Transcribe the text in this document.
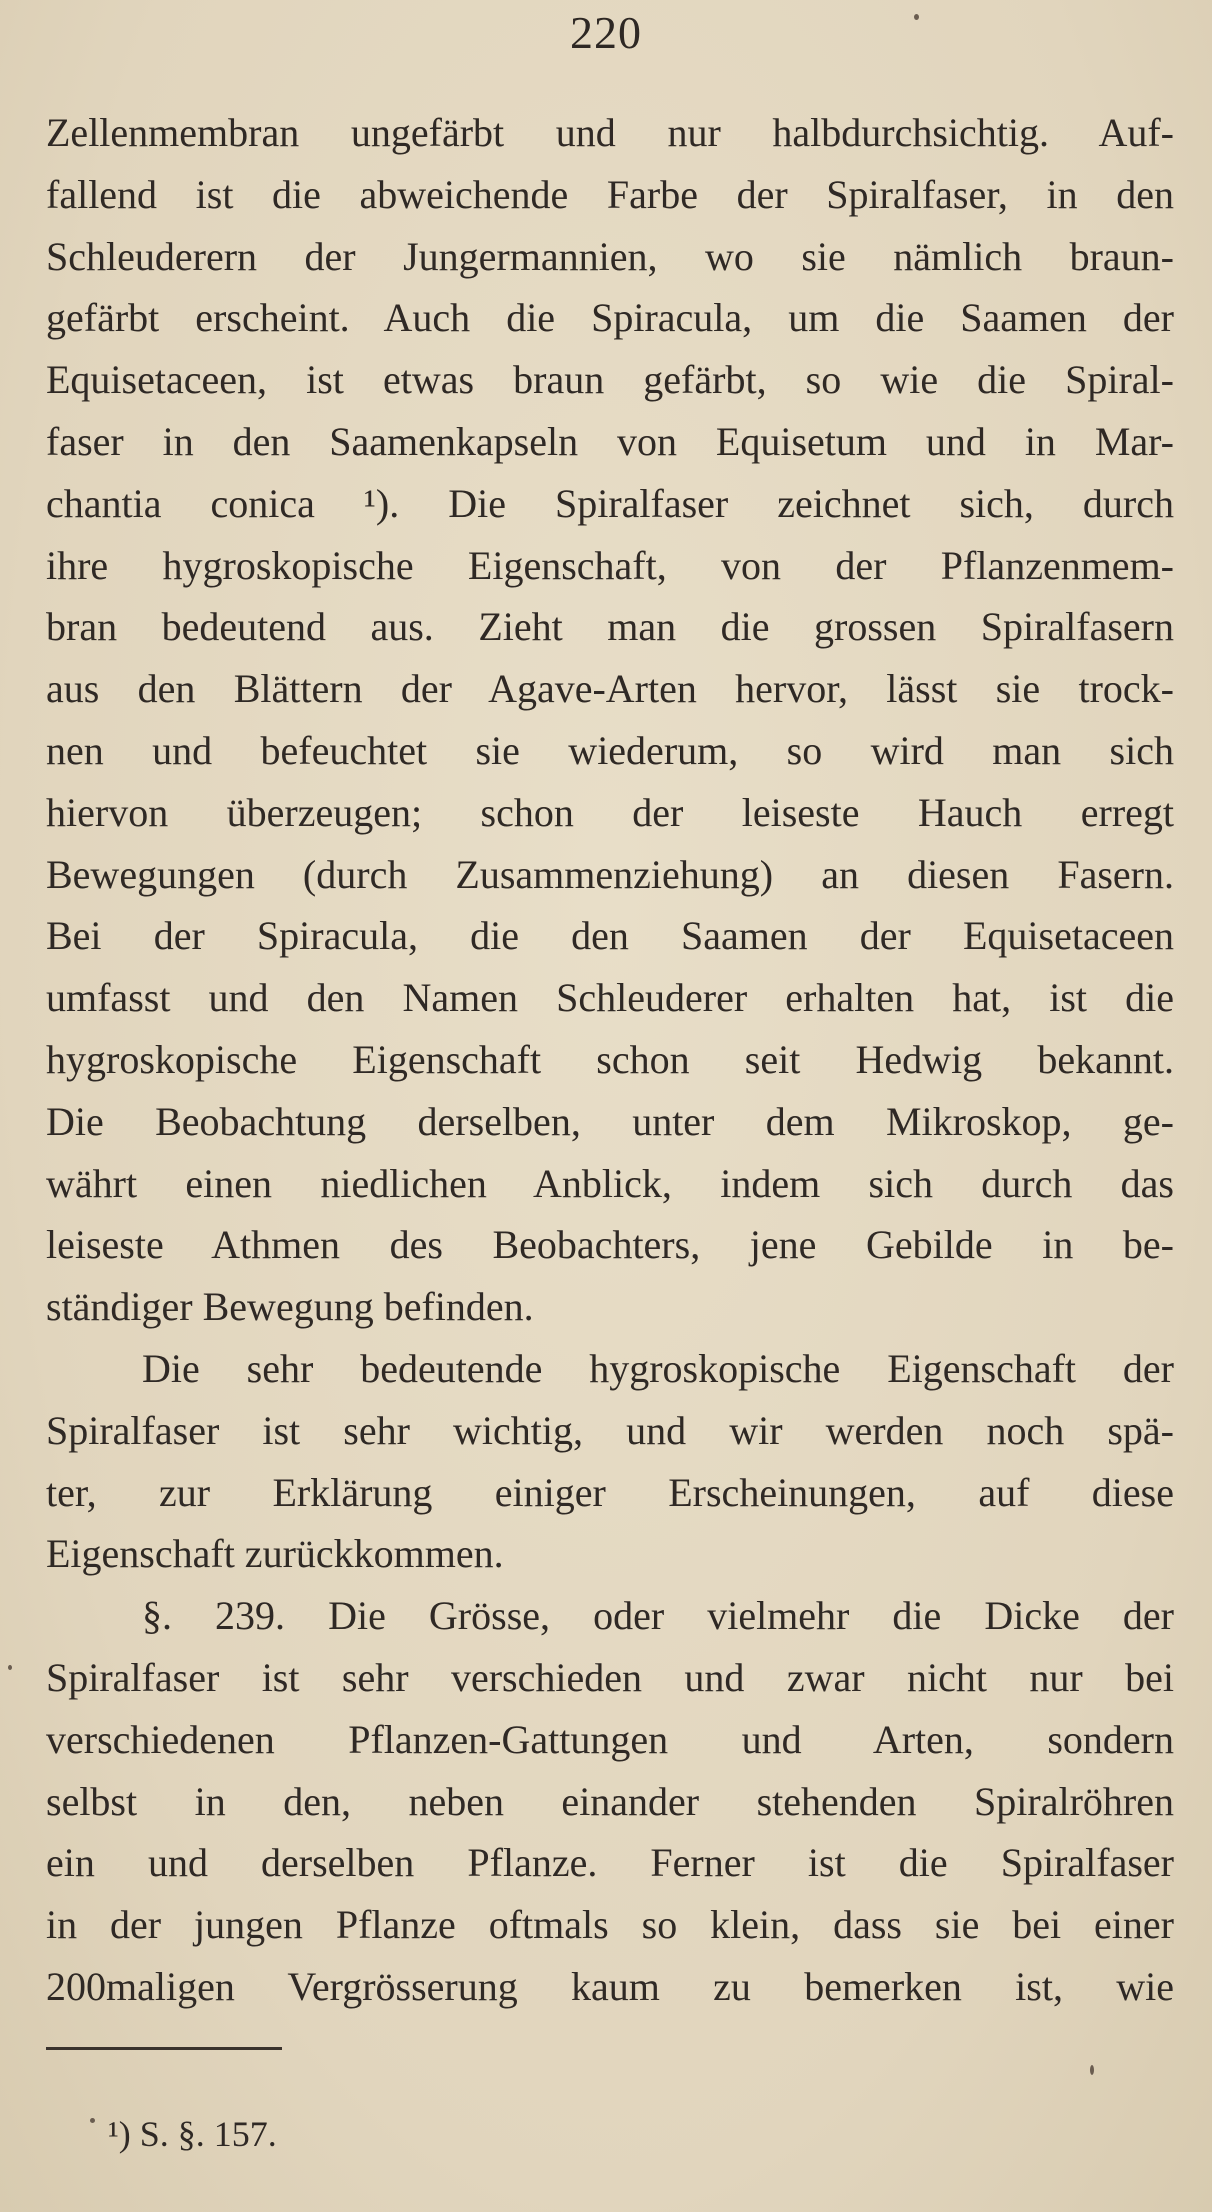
220
Zellenmembran ungefärbt und nur halbdurchsichtig. Auf-
fallend ist die abweichende Farbe der Spiralfaser, in den
Schleuderern der Jungermannien, wo sie nämlich braun-
gefärbt erscheint. Auch die Spiracula, um die Saamen der
Equisetaceen, ist etwas braun gefärbt, so wie die Spiral-
faser in den Saamenkapseln von Equisetum und in Mar-
chantia conica ¹). Die Spiralfaser zeichnet sich, durch
ihre hygroskopische Eigenschaft, von der Pflanzenmem-
bran bedeutend aus. Zieht man die grossen Spiralfasern
aus den Blättern der Agave-Arten hervor, lässt sie trock-
nen und befeuchtet sie wiederum, so wird man sich
hiervon überzeugen; schon der leiseste Hauch erregt
Bewegungen (durch Zusammenziehung) an diesen Fasern.
Bei der Spiracula, die den Saamen der Equisetaceen
umfasst und den Namen Schleuderer erhalten hat, ist die
hygroskopische Eigenschaft schon seit Hedwig bekannt.
Die Beobachtung derselben, unter dem Mikroskop, ge-
währt einen niedlichen Anblick, indem sich durch das
leiseste Athmen des Beobachters, jene Gebilde in be-
ständiger Bewegung befinden.
Die sehr bedeutende hygroskopische Eigenschaft der
Spiralfaser ist sehr wichtig, und wir werden noch spä-
ter, zur Erklärung einiger Erscheinungen, auf diese
Eigenschaft zurückkommen.
§. 239. Die Grösse, oder vielmehr die Dicke der
Spiralfaser ist sehr verschieden und zwar nicht nur bei
verschiedenen Pflanzen-Gattungen und Arten, sondern
selbst in den, neben einander stehenden Spiralröhren
ein und derselben Pflanze. Ferner ist die Spiralfaser
in der jungen Pflanze oftmals so klein, dass sie bei einer
200maligen Vergrösserung kaum zu bemerken ist, wie
¹) S. §. 157.
